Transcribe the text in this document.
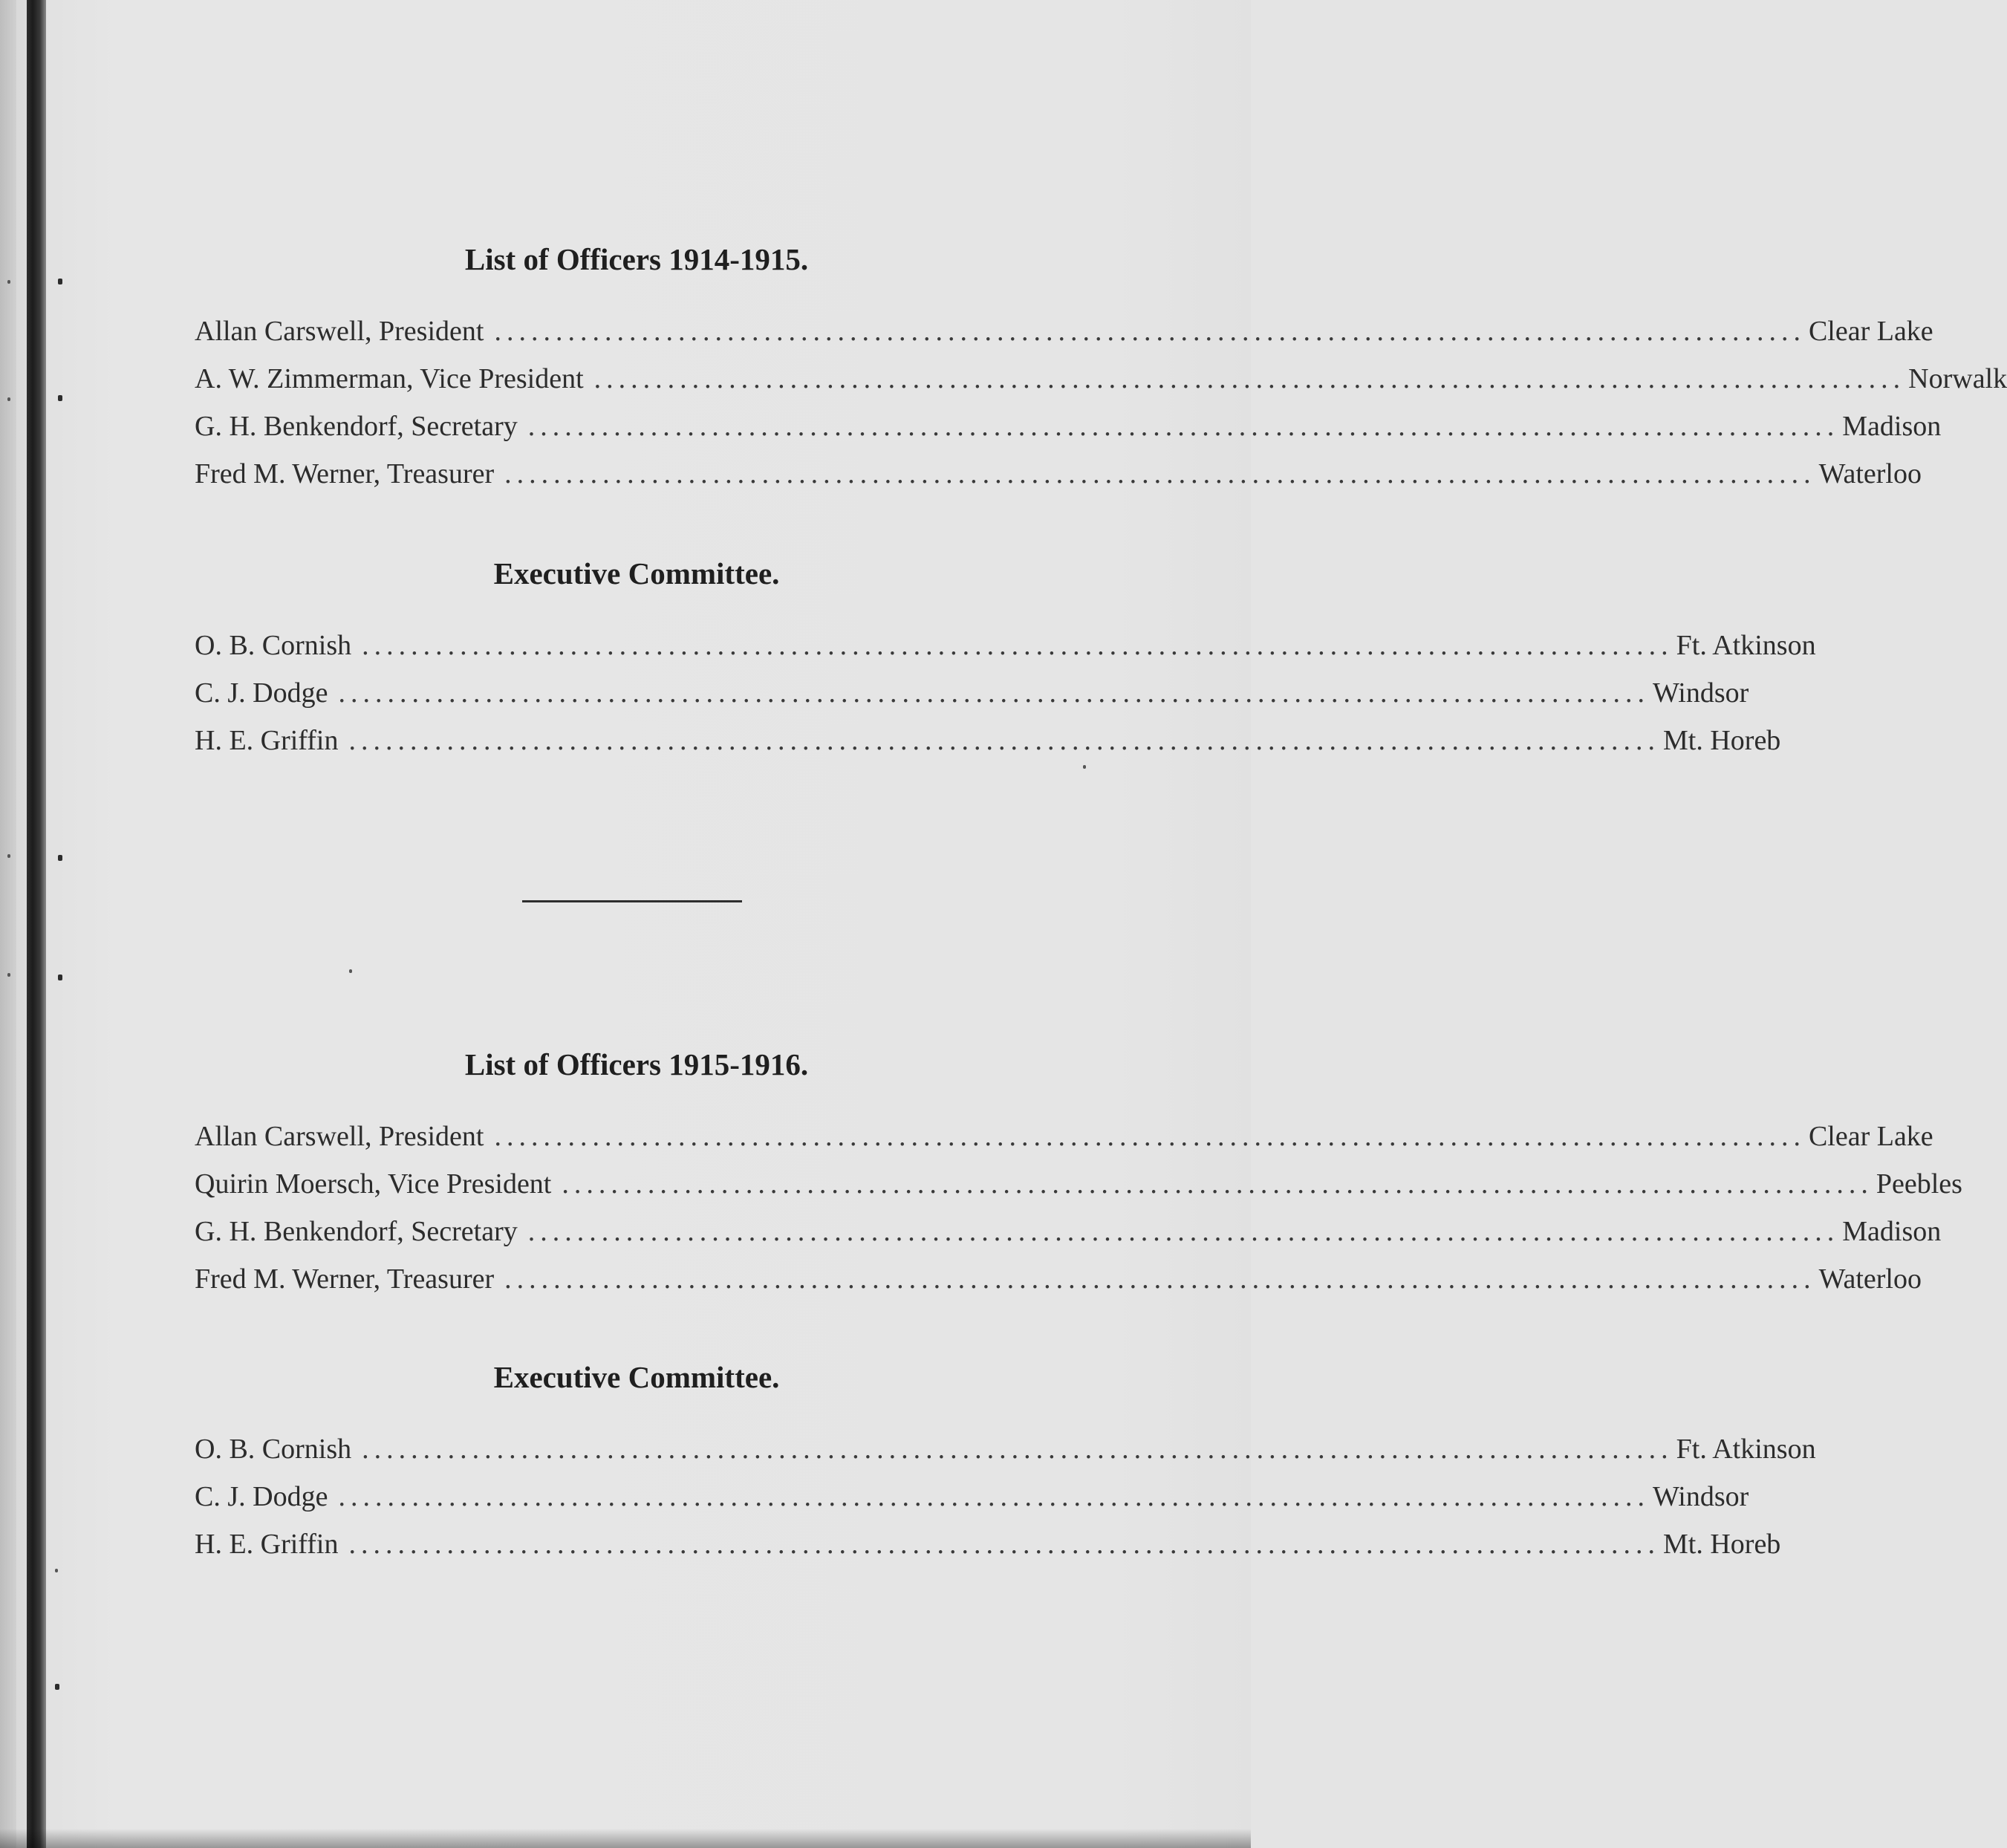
List of Officers 1914-1915.
Allan Carswell, President ........................................................................................................... Clear Lake
A. W. Zimmerman, Vice President ........................................................................................................... Norwalk
G. H. Benkendorf, Secretary ........................................................................................................... Madison
Fred M. Werner, Treasurer ........................................................................................................... Waterloo
Executive Committee.
O. B. Cornish ........................................................................................................... Ft. Atkinson
C. J. Dodge ........................................................................................................... Windsor
H. E. Griffin ........................................................................................................... Mt. Horeb
List of Officers 1915-1916.
Allan Carswell, President ........................................................................................................... Clear Lake
Quirin Moersch, Vice President ........................................................................................................... Peebles
G. H. Benkendorf, Secretary ........................................................................................................... Madison
Fred M. Werner, Treasurer ........................................................................................................... Waterloo
Executive Committee.
O. B. Cornish ........................................................................................................... Ft. Atkinson
C. J. Dodge ........................................................................................................... Windsor
H. E. Griffin ........................................................................................................... Mt. Horeb
